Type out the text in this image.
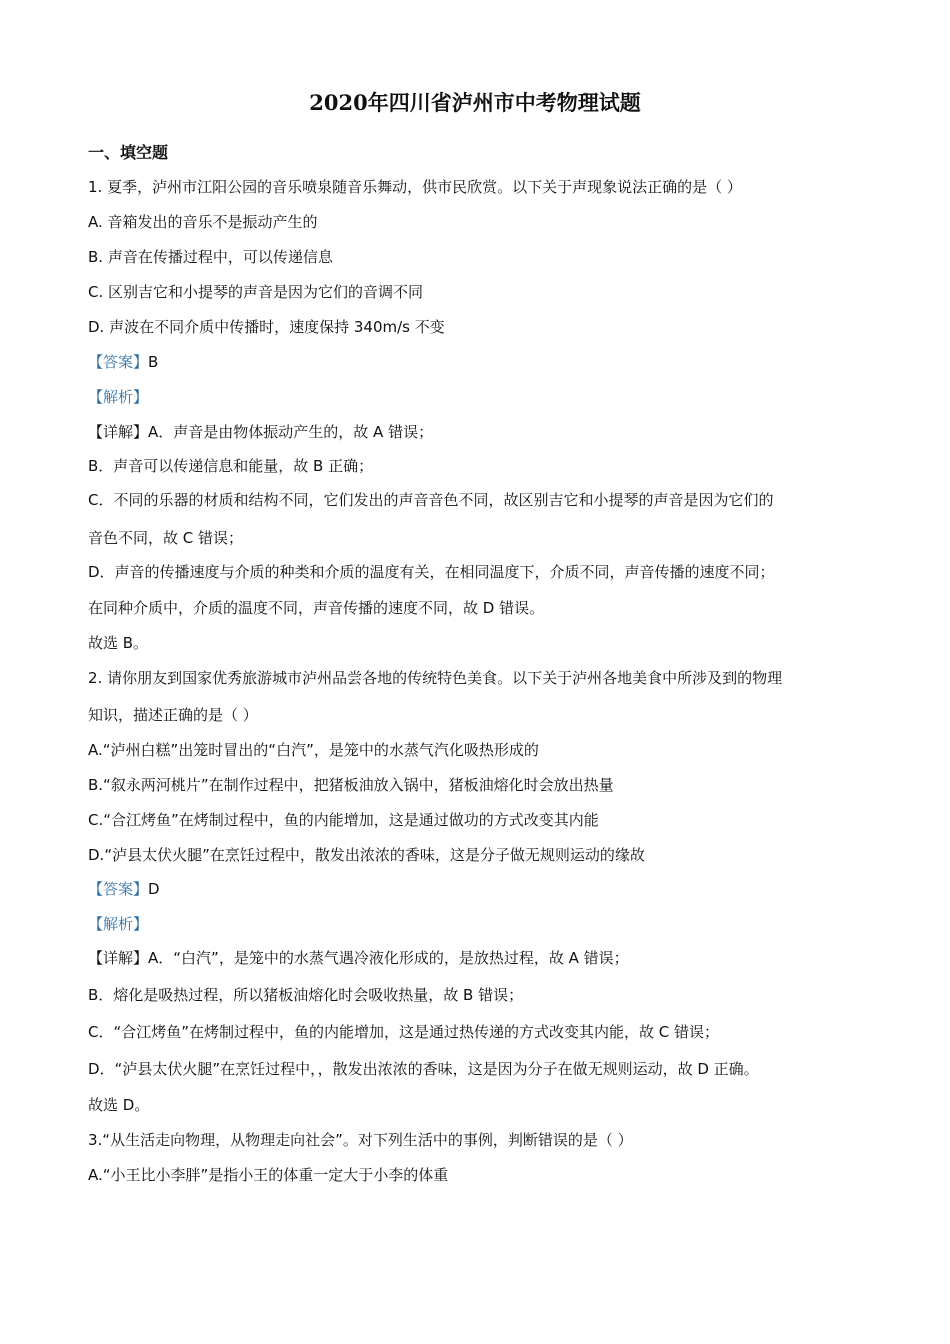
2020年四川省泸州市中考物理试题
一、填空题
1. 夏季，泸州市江阳公园的音乐喷泉随音乐舞动，供市民欣赏。以下关于声现象说法正确的是（ ）
A. 音箱发出的音乐不是振动产生的
B. 声音在传播过程中，可以传递信息
C. 区别吉它和小提琴的声音是因为它们的音调不同
D. 声波在不同介质中传播时，速度保持 340m/s 不变
【答案】B
【解析】
【详解】A．声音是由物体振动产生的，故 A 错误；
B．声音可以传递信息和能量，故 B 正确；
C．不同的乐器的材质和结构不同，它们发出的声音音色不同，故区别吉它和小提琴的声音是因为它们的
音色不同，故 C 错误；
D．声音的传播速度与介质的种类和介质的温度有关，在相同温度下，介质不同，声音传播的速度不同；
在同种介质中，介质的温度不同，声音传播的速度不同，故 D 错误。
故选 B。
2. 请你朋友到国家优秀旅游城市泸州品尝各地的传统特色美食。以下关于泸州各地美食中所涉及到的物理
知识，描述正确的是（ ）
A.“泸州白糕”出笼时冒出的“白汽”，是笼中的水蒸气汽化吸热形成的
B.“叙永两河桃片”在制作过程中，把猪板油放入锅中，猪板油熔化时会放出热量
C.“合江烤鱼”在烤制过程中，鱼的内能增加，这是通过做功的方式改变其内能
D.“泸县太伏火腿”在烹饪过程中，散发出浓浓的香味，这是分子做无规则运动的缘故
【答案】D
【解析】
【详解】A．“白汽”，是笼中的水蒸气遇冷液化形成的，是放热过程，故 A 错误；
B．熔化是吸热过程，所以猪板油熔化时会吸收热量，故 B 错误；
C．“合江烤鱼”在烤制过程中，鱼的内能增加，这是通过热传递的方式改变其内能，故 C 错误；
D．“泸县太伏火腿”在烹饪过程中，，散发出浓浓的香味，这是因为分子在做无规则运动，故 D 正确。
故选 D。
3.“从生活走向物理，从物理走向社会”。对下列生活中的事例，判断错误的是（ ）
A.“小王比小李胖”是指小王的体重一定大于小李的体重
